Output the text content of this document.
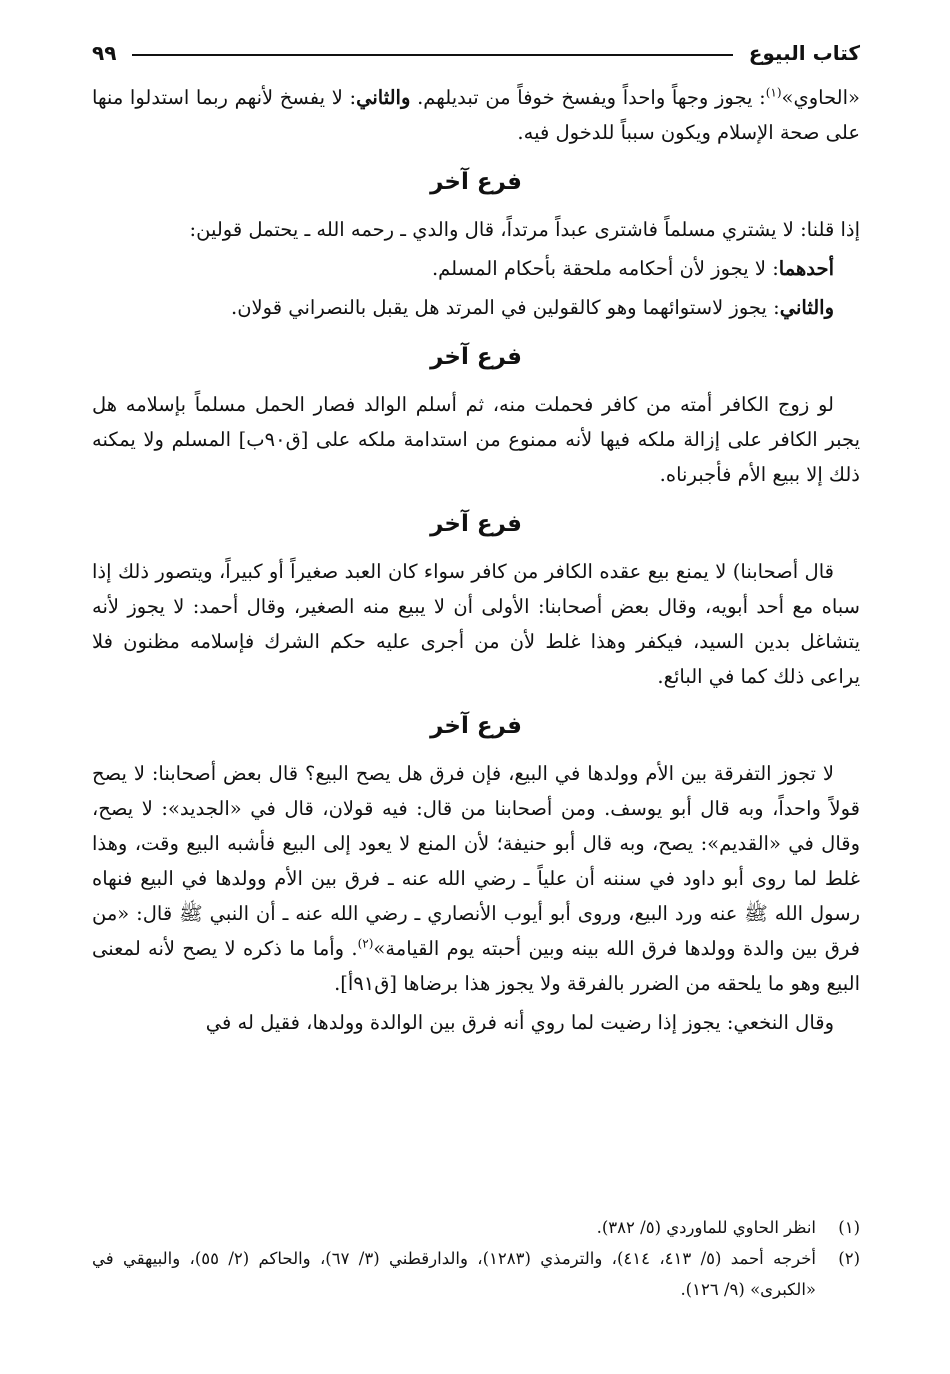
كتاب البيوع
٩٩

«الحاوي»$^{(١)}$: يجوز وجهاً واحداً ويفسخ خوفاً من تبديلهم. والثاني: لا يفسخ لأنهم ربما استدلوا منها على صحة الإسلام ويكون سبباً للدخول فيه.

فرع آخر

إذا قلنا: لا يشتري مسلماً فاشترى عبداً مرتداً، قال والدي ـ رحمه الله ـ يحتمل قولين:

أحدهما: لا يجوز لأن أحكامه ملحقة بأحكام المسلم.

والثاني: يجوز لاستوائهما وهو كالقولين في المرتد هل يقبل بالنصراني قولان.

فرع آخر

لو زوج الكافر أمته من كافر فحملت منه، ثم أسلم الوالد فصار الحمل مسلماً بإسلامه هل يجبر الكافر على إزالة ملكه فيها لأنه ممنوع من استدامة ملكه على [ق٩٠ب] المسلم ولا يمكنه ذلك إلا ببيع الأم فأجبرناه.

فرع آخر

قال أصحابنا) لا يمنع بيع عقده الكافر من كافر سواء كان العبد صغيراً أو كبيراً، ويتصور ذلك إذا سباه مع أحد أبويه، وقال بعض أصحابنا: الأولى أن لا يبيع منه الصغير، وقال أحمد: لا يجوز لأنه يتشاغل بدين السيد، فيكفر وهذا غلط لأن من أجرى عليه حكم الشرك فإسلامه مظنون فلا يراعى ذلك كما في البائع.

فرع آخر

لا تجوز التفرقة بين الأم وولدها في البيع، فإن فرق هل يصح البيع؟ قال بعض أصحابنا: لا يصح قولاً واحداً، وبه قال أبو يوسف. ومن أصحابنا من قال: فيه قولان، قال في «الجديد»: لا يصح، وقال في «القديم»: يصح، وبه قال أبو حنيفة؛ لأن المنع لا يعود إلى البيع فأشبه البيع وقت، وهذا غلط لما روى أبو داود في سننه أن علياً ـ رضي الله عنه ـ فرق بين الأم وولدها في البيع فنهاه رسول الله ﷺ عنه ورد البيع، وروى أبو أيوب الأنصاري ـ رضي الله عنه ـ أن النبي ﷺ قال: «من فرق بين والدة وولدها فرق الله بينه وبين أحبته يوم القيامة»$^{(٢)}$. وأما ما ذكره لا يصح لأنه لمعنى البيع وهو ما يلحقه من الضرر بالفرقة ولا يجوز هذا برضاها [ق٩١أ].

وقال النخعي: يجوز إذا رضيت لما روي أنه فرق بين الوالدة وولدها، فقيل له في

(١)
انظر الحاوي للماوردي (٥/ ٣٨٢).
(٢)
أخرجه أحمد (٥/ ٤١٣، ٤١٤)، والترمذي (١٢٨٣)، والدارقطني (٣/ ٦٧)، والحاكم (٢/ ٥٥)، والبيهقي في «الكبرى» (٩/ ١٢٦).
